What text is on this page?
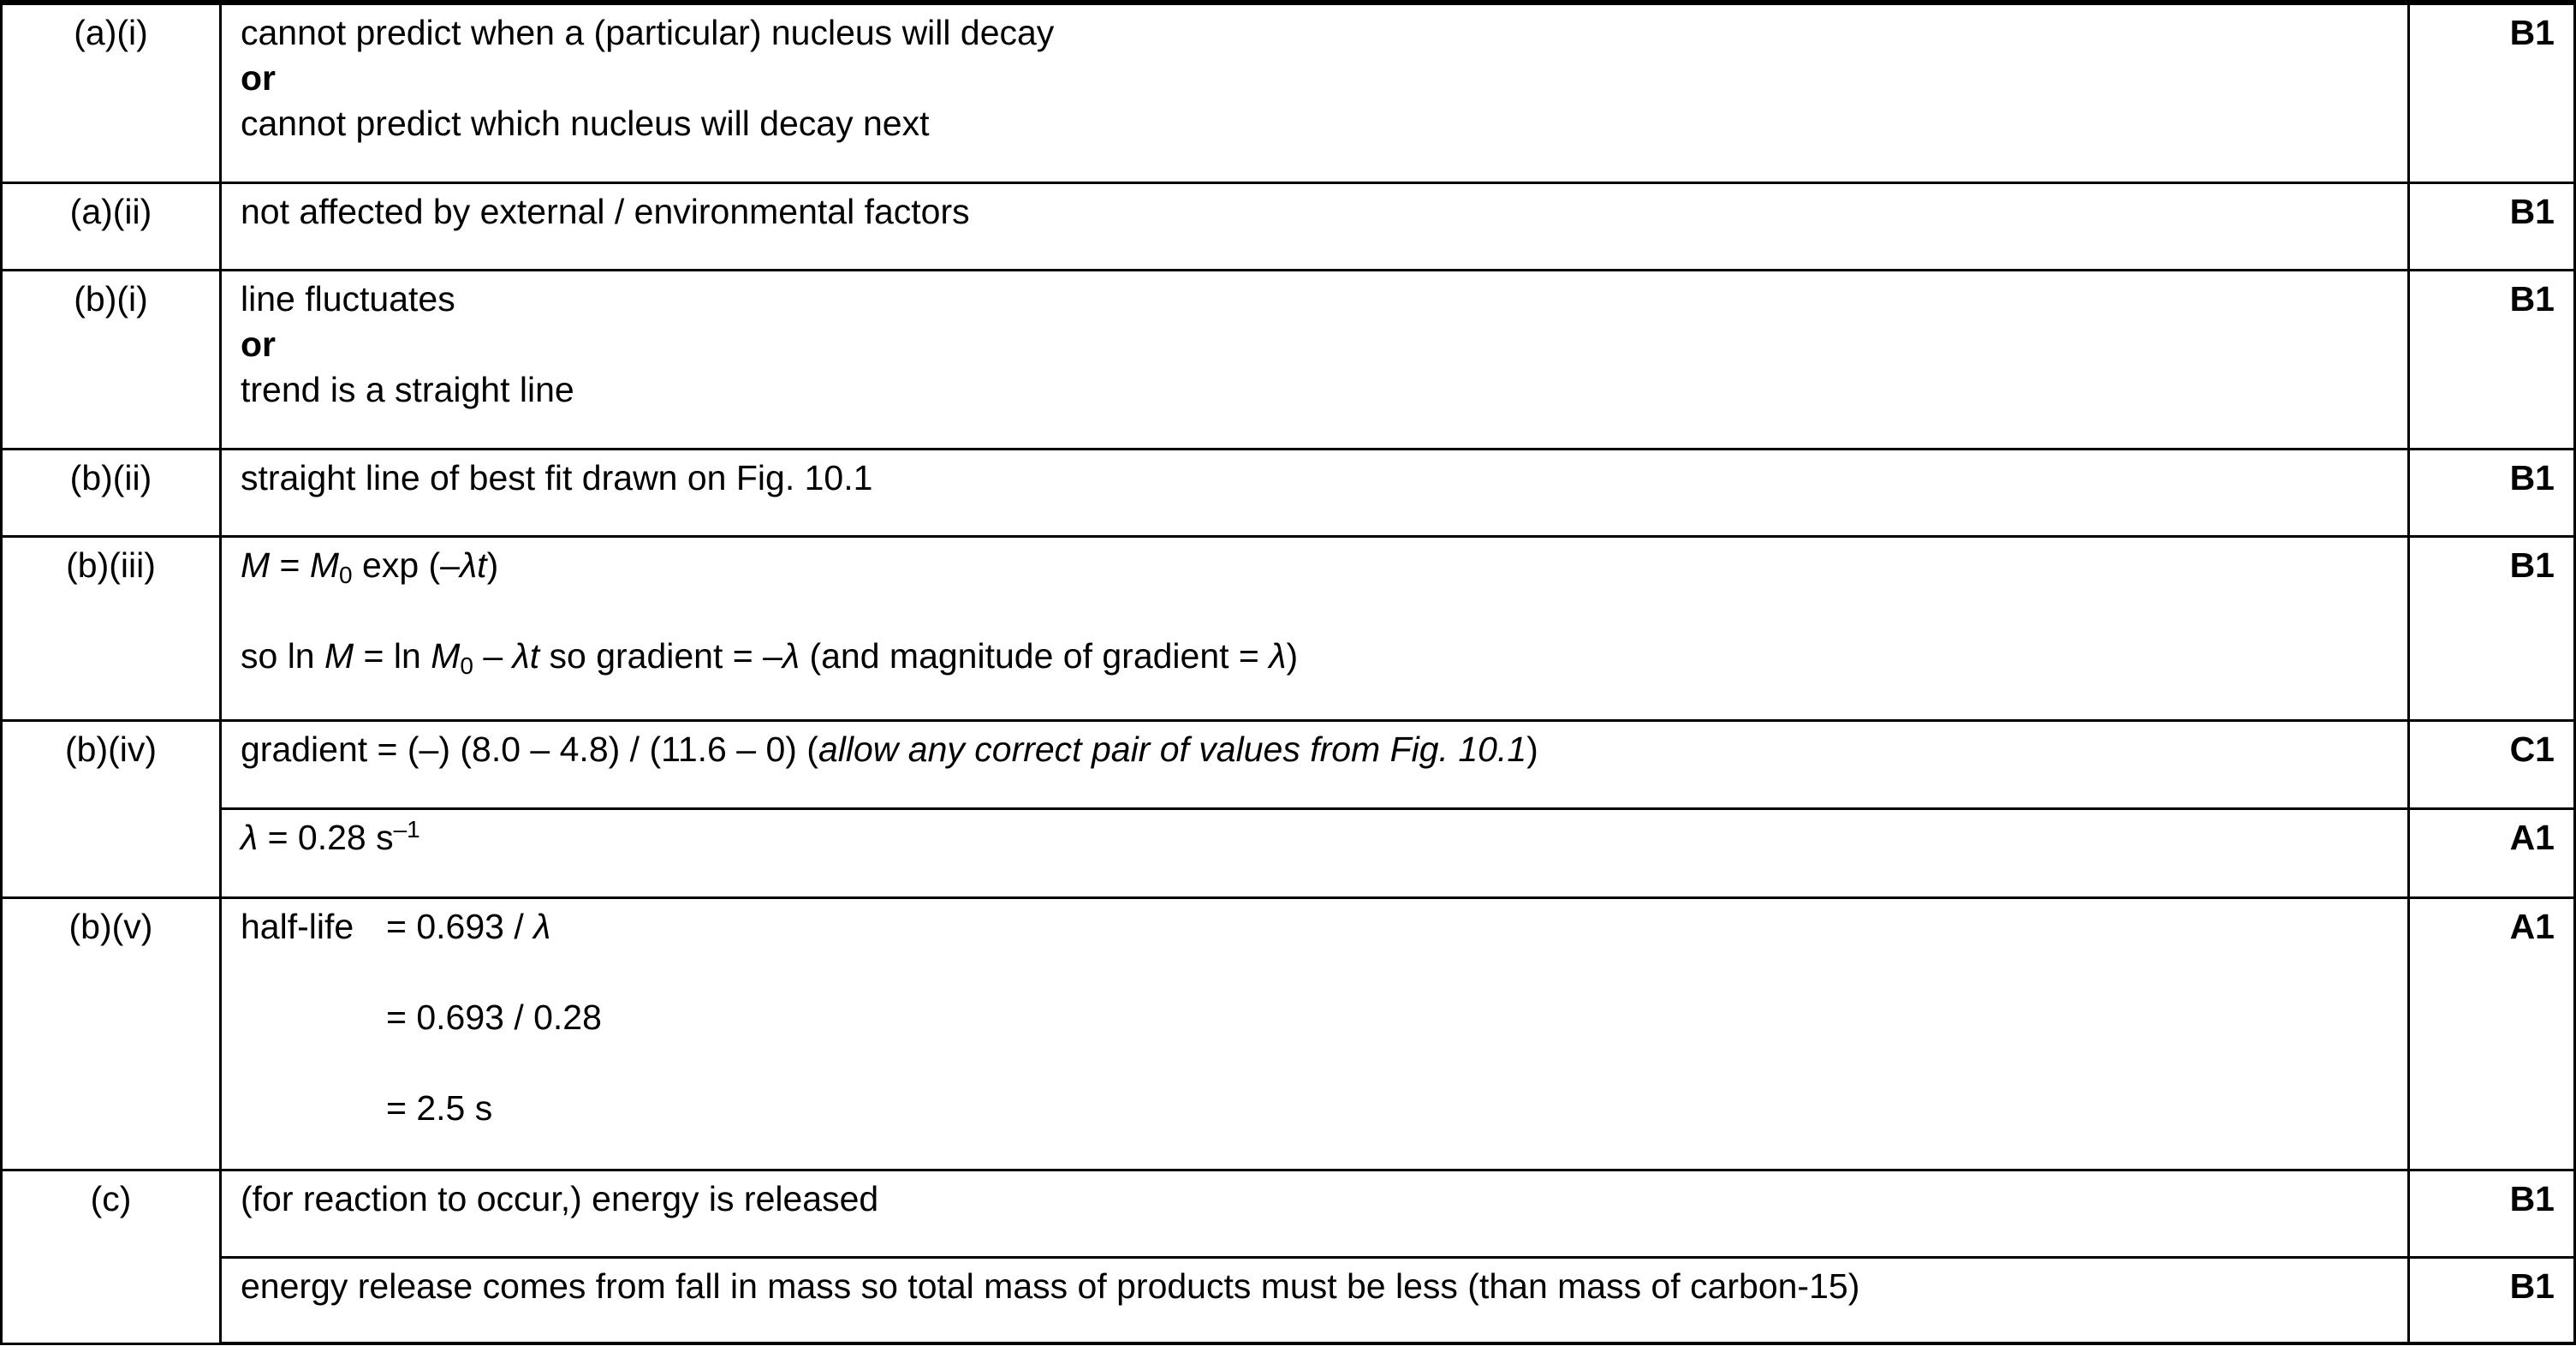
(a)(i)	cannot predict when a (particular) nucleus will decay
or
cannot predict which nucleus will decay next	B1
(a)(ii)	not affected by external / environmental factors	B1
(b)(i)	line fluctuates
or
trend is a straight line	B1
(b)(ii)	straight line of best fit drawn on Fig. 10.1	B1
(b)(iii)	$M = M_0$ exp (–λt)
so $\ln M = \ln M_0 - \lambda t$ so gradient = –λ (and magnitude of gradient = λ)	B1
(b)(iv)	gradient = (–) (8.0 – 4.8) / (11.6 – 0) (allow any correct pair of values from Fig. 10.1)	C1

	λ = 0.28 $s^{-1}$	A1
(b)(v)	half-life = 0.693 / λ
= 0.693 / 0.28
= 2.5 s	A1
(c)	(for reaction to occur,) energy is released	B1

	energy release comes from fall in mass so total mass of products must be less (than mass of carbon-15)	B1
